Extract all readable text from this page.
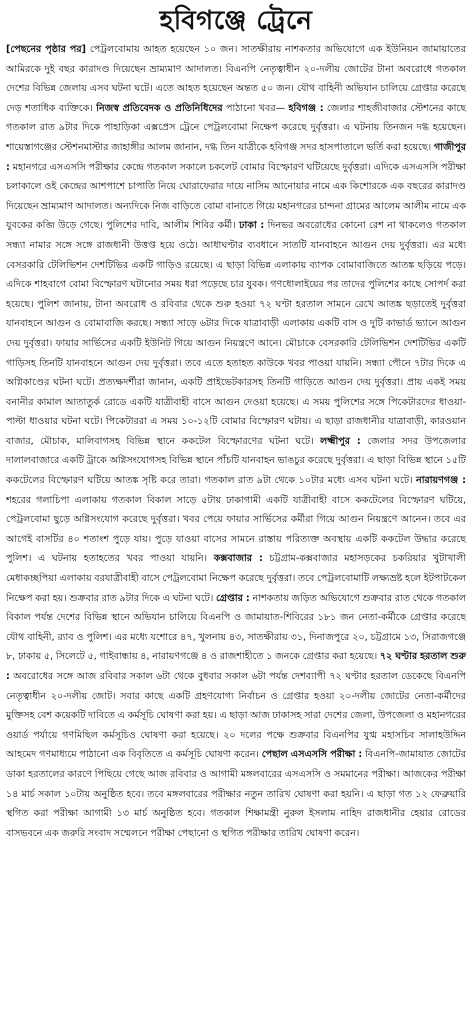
হবিগঞ্জে ট্রেনে

[পেছনের পৃষ্ঠার পর] পেট্রলবোমায় আহত হয়েছেন ১০ জন। সাতক্ষীরায় নাশকতার অভিযোগে এক ইউনিয়ন জামায়াতের আমিরকে দুই বছর কারাদণ্ড দিয়েছেন ভ্রাম্যমাণ আদালত। বিএনপি নেতৃত্বাধীন ২০-দলীয় জোটের টানা অবরোধে গতকাল দেশের বিভিন্ন জেলায় এসব ঘটনা ঘটে। এতে আহত হয়েছেন অন্তত ৫০ জন। যৌথ বাহিনী অভিযান চালিয়ে গ্রেপ্তার করেছে দেড় শতাধিক ব্যক্তিকে। নিজস্ব প্রতিবেদক ও প্রতিনিধিদের পাঠানো খবর— হবিগঞ্জ : জেলার শাহজীবাজার স্টেশনের কাছে গতকাল রাত ৯টার দিকে পাহাড়িকা এক্সপ্রেস ট্রেনে পেট্রলবোমা নিক্ষেপ করেছে দুর্বৃত্তরা। এ ঘটনায় তিনজন দগ্ধ হয়েছেন। শায়েস্তাগঞ্জের স্টেশনমাস্টার জাহাঙ্গীর আলম জানান, দগ্ধ তিন যাত্রীকে হবিগঞ্জ সদর হাসপাতালে ভর্তি করা হয়েছে। গাজীপুর : মহানগরে এসএসসি পরীক্ষার কেন্দ্রে গতকাল সকালে চকলেট বোমার বিস্ফোরণ ঘটিয়েছে দুর্বৃত্তরা। এদিকে এসএসসি পরীক্ষা চলাকালে ওই কেন্দ্রের আশপাশে চাপাতি নিয়ে ঘোরাফেরার দায়ে নাসিম আনোয়ার নামে এক কিশোরকে এক বছরের কারাদণ্ড দিয়েছেন ভ্রাম্যমাণ আদালত। অন্যদিকে নিজ বাড়িতে বোমা বানাতে গিয়ে মহানগরের চান্দনা গ্রামের আলেম আলীম নামে এক যুবকের কব্জি উড়ে গেছে। পুলিশের দাবি, আলীম শিবির কর্মী। ঢাকা : দিনভর অবরোধের কোনো রেশ না থাকলেও গতকাল সন্ধ্যা নামার সঙ্গে সঙ্গে রাজধানী উত্তপ্ত হয়ে ওঠে। আধাঘণ্টার ব্যবধানে সাতটি যানবাহনে আগুন দেয় দুর্বৃত্তরা। এর মধ্যে বেসরকারি টেলিভিশন দেশটিভির একটি গাড়িও রয়েছে। এ ছাড়া বিভিন্ন এলাকায় ব্যাপক বোমাবাজিতে আতঙ্ক ছড়িয়ে পড়ে। এদিকে শাহবাগে বোমা বিস্ফোরণ ঘটানোর সময় ধরা পড়েছে চার যুবক। গণধোলাইয়ের পর তাদের পুলিশের কাছে সোপর্দ করা হয়েছে। পুলিশ জানায়, টানা অবরোধ ও রবিবার থেকে শুরু হওয়া ৭২ ঘণ্টা হরতাল সামনে রেখে আতঙ্ক ছড়াতেই দুর্বৃত্তরা যানবাহনে আগুন ও বোমাবাজি করছে। সন্ধ্যা সাড়ে ৬টার দিকে যাত্রাবাড়ী এলাকায় একটি বাস ও দুটি কাভার্ড ভ্যানে আগুন দেয় দুর্বৃত্তরা। ফায়ার সার্ভিসের একটি ইউনিট গিয়ে আগুন নিয়ন্ত্রণে আনে। মৌচাকে বেসরকারি টেলিভিশন দেশটিভির একটি গাড়িসহ তিনটি যানবাহনে আগুন দেয় দুর্বৃত্তরা। তবে এতে হতাহত কাউকে খবর পাওয়া যায়নি। সন্ধ্যা পৌনে ৭টার দিকে এ অগ্নিকাণ্ডের ঘটনা ঘটে। প্রত্যক্ষদর্শীরা জানান, একটি প্রাইভেটকারসহ তিনটি গাড়িতে আগুন দেয় দুর্বৃত্তরা। প্রায় একই সময় বনানীর কামাল আতাতুর্ক রোডে একটি যাত্রীবাহী বাসে আগুন দেওয়া হয়েছে। এ সময় পুলিশের সঙ্গে পিকেটারদের ধাওয়া-পাল্টা ধাওয়ার ঘটনা ঘটে। পিকেটাররা এ সময় ১০-১২টি বোমার বিস্ফোরণ ঘটায়। এ ছাড়া রাজধানীর যাত্রাবাড়ী, কারওয়ান বাজার, মৌচাক, মালিবাগসহ বিভিন্ন স্থানে ককটেল বিস্ফোরণের ঘটনা ঘটে। লক্ষ্মীপুর : জেলার সদর উপজেলার দালালবাজারে একটি ট্রাকে অগ্নিসংযোগসহ বিভিন্ন স্থানে পাঁচটি যানবাহন ভাঙচুর করেছে দুর্বৃত্তরা। এ ছাড়া বিভিন্ন স্থানে ১৫টি ককটেলের বিস্ফোরণ ঘটিয়ে আতঙ্ক সৃষ্টি করে তারা। গতকাল রাত ৯টা থেকে ১০টার মধ্যে এসব ঘটনা ঘটে। নারায়ণগঞ্জ : শহরের গলাচিপা এলাকায় গতকাল বিকাল সাড়ে ৫টায় ঢাকাগামী একটি যাত্রীবাহী বাসে ককটেলের বিস্ফোরণ ঘটিয়ে, পেট্রলবোমা ছুড়ে অগ্নিসংযোগ করেছে দুর্বৃত্তরা। খবর পেয়ে ফায়ার সার্ভিসের কর্মীরা গিয়ে আগুন নিয়ন্ত্রণে আনেন। তবে এর আগেই বাসটির ৪০ শতাংশ পুড়ে যায়। পুড়ে যাওয়া বাসের সামনে রাস্তায় পরিত্যক্ত অবস্থায় একটি ককটেল উদ্ধার করেছে পুলিশ। এ ঘটনায় হতাহতের খবর পাওয়া যায়নি। কক্সবাজার : চট্টগ্রাম-কক্সবাজার মহাসড়কের চকরিয়ার খুটাখালী মেধাকচ্ছপিয়া এলাকায় বরযাত্রীবাহী বাসে পেট্রলবোমা নিক্ষেপ করেছে দুর্বৃত্তরা। তবে পেট্রলবোমাটি লক্ষ্যভ্রষ্ট হলে ইটপাটকেল নিক্ষেপ করা হয়। শুক্রবার রাত ৯টার দিকে এ ঘটনা ঘটে। গ্রেপ্তার : নাশকতায় জড়িত অভিযোগে শুক্রবার রাত থেকে গতকাল বিকাল পর্যন্ত দেশের বিভিন্ন স্থানে অভিযান চালিয়ে বিএনপি ও জামায়াত-শিবিরের ১৮১ জন নেতা-কর্মীকে গ্রেপ্তার করেছে যৌথ বাহিনী, র‍্যাব ও পুলিশ। এর মধ্যে যশোরে ৪৭, খুলনায় ৪৩, সাতক্ষীরায় ৩১, দিনাজপুরে ২০, চট্টগ্রামে ১৩, সিরাজগঞ্জে ৮, ঢাকায় ৫, সিলেটে ৫, গাইবান্ধায় ৪, নারায়ণগঞ্জে ৪ ও রাজশাহীতে ১ জনকে গ্রেপ্তার করা হয়েছে। ৭২ ঘণ্টার হরতাল শুরু : অবরোধের সঙ্গে আজ রবিবার সকাল ৬টা থেকে বুধবার সকাল ৬টা পর্যন্ত দেশব্যাপী ৭২ ঘণ্টার হরতাল ডেকেছে বিএনপি নেতৃত্বাধীন ২০-দলীয় জোট। সবার কাছে একটি গ্রহণযোগ্য নির্বাচন ও গ্রেপ্তার হওয়া ২০-দলীয় জোটের নেতা-কর্মীদের মুক্তিসহ বেশ কয়েকটি দাবিতে এ কর্মসূচি ঘোষণা করা হয়। এ ছাড়া আজ ঢাকাসহ সারা দেশের জেলা, উপজেলা ও মহানগরের ওয়ার্ড পর্যায়ে গণমিছিল কর্মসূচিও ঘোষণা করা হয়েছে। ২০ দলের পক্ষে শুক্রবার বিএনপির যুগ্ম মহাসচিব সালাহউদ্দিন আহমেদ গণমাধ্যমে পাঠানো এক বিবৃতিতে এ কর্মসূচি ঘোষণা করেন। পেছাল এসএসসি পরীক্ষা : বিএনপি-জামায়াত জোটের ডাকা হরতালের কারণে পিছিয়ে গেছে আজ রবিবার ও আগামী মঙ্গলবারের এসএসসি ও সমমানের পরীক্ষা। আজকের পরীক্ষা ১৪ মার্চ সকাল ১০টায় অনুষ্ঠিত হবে। তবে মঙ্গলবারের পরীক্ষার নতুন তারিখ ঘোষণা করা হয়নি। এ ছাড়া গত ১২ ফেব্রুয়ারি স্থগিত করা পরীক্ষা আগামী ১৩ মার্চ অনুষ্ঠিত হবে। গতকাল শিক্ষামন্ত্রী নুরুল ইসলাম নাহিদ রাজধানীর হেয়ার রোডের বাসভবনে এক জরুরি সংবাদ সম্মেলনে পরীক্ষা পেছানো ও স্থগিত পরীক্ষার তারিখ ঘোষণা করেন।
